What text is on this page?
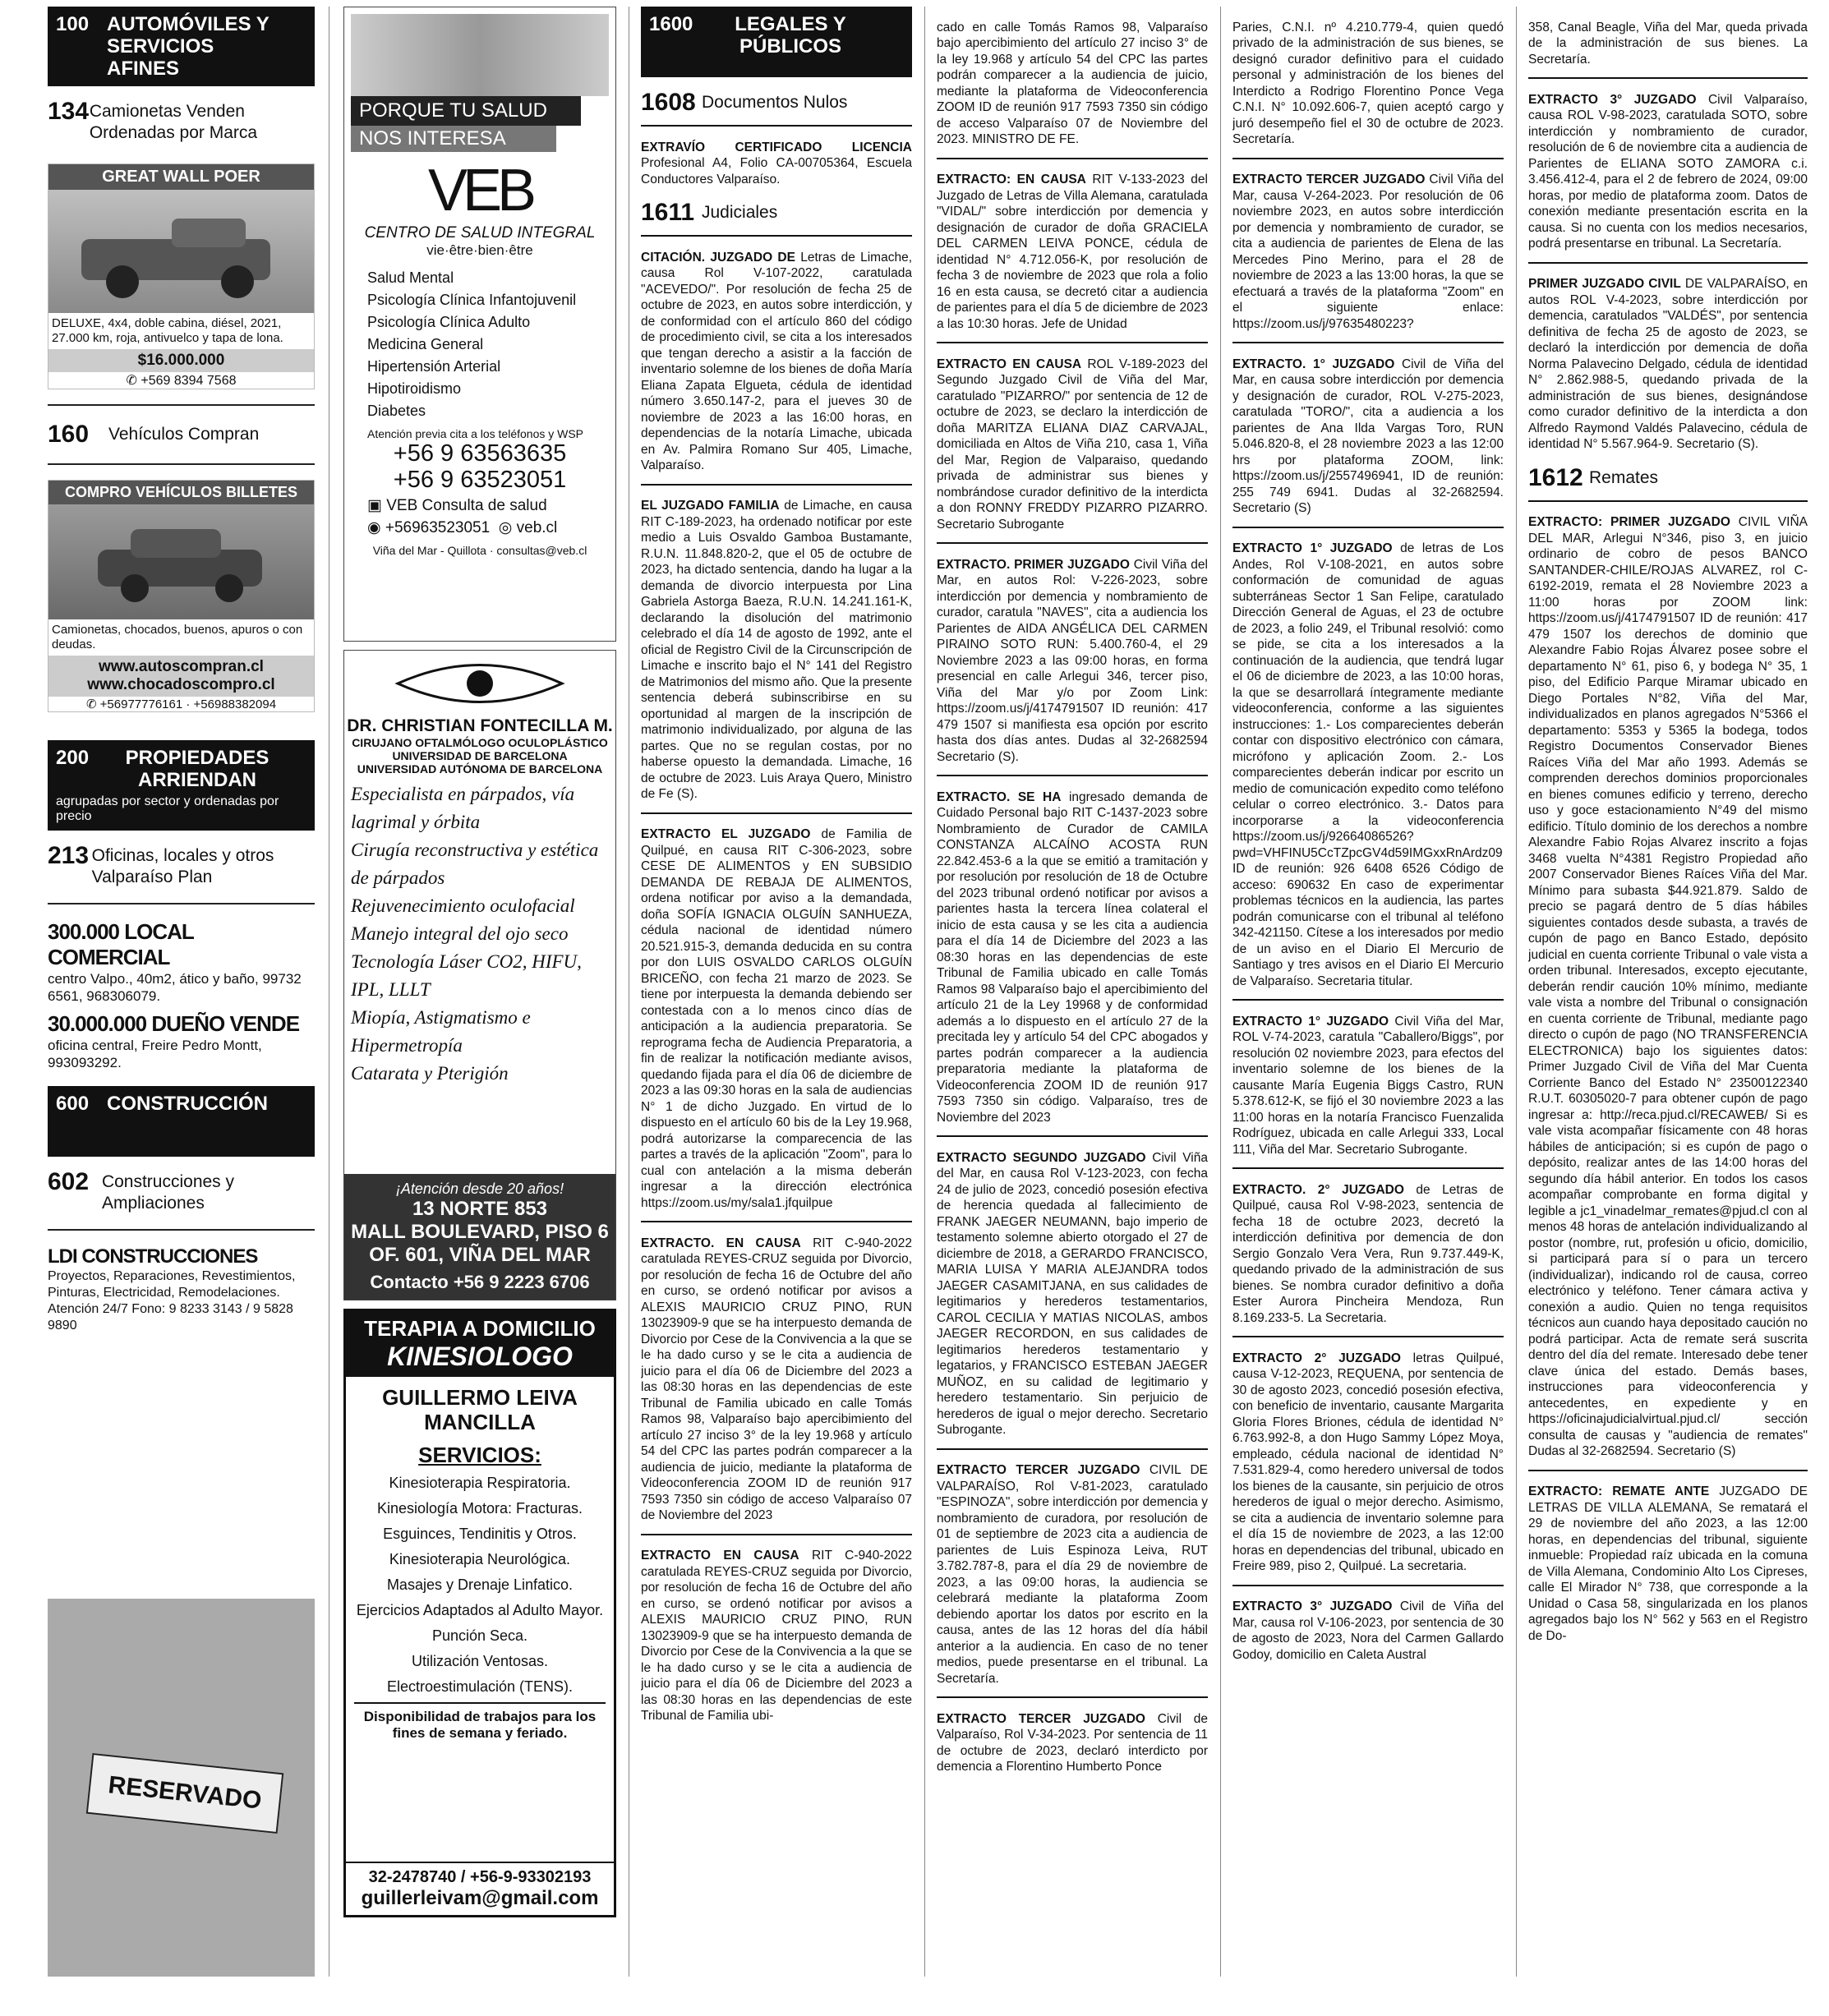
100 AUTOMÓVILES Y SERVICIOS AFINES
134 Camionetas Venden Ordenadas por Marca
GREAT WALL POER
DELUXE, 4x4, doble cabina, diésel, 2021, 27.000 km, roja, antivuelco y tapa de lona.
$16.000.000
✆ +569 8394 7568
160	Vehículos Compran
COMPRO VEHÍCULOS BILLETES
Camionetas, chocados, buenos, apuros o con deudas.
www.autoscompran.cl
www.chocadoscompro.cl
✆ +56977776161 · +56988382094
200 PROPIEDADES ARRIENDAN
agrupadas por sector y ordenadas por precio
213 Oficinas, locales y otros Valparaíso Plan
300.000 LOCAL COMERCIAL
centro Valpo., 40m2, ático y baño, 99732 6561, 968306079.
30.000.000 DUEÑO VENDE
oficina central, Freire Pedro Montt, 993093292.
600 CONSTRUCCIÓN
602 Construcciones y Ampliaciones
LDI CONSTRUCCIONES
Proyectos, Reparaciones, Revestimientos, Pinturas, Electricidad, Remodelaciones. Atención 24/7 Fono: 9 8233 3143 / 9 5828 9890
RESERVADO
PORQUE TU SALUD
NOS INTERESA
VEB
CENTRO DE SALUD INTEGRAL
vie·être·bien·être
Salud Mental
Psicología Clínica Infantojuvenil
Psicología Clínica Adulto
Medicina General
Hipertensión Arterial
Hipotiroidismo
Diabetes
Atención previa cita a los teléfonos y WSP
+56 9 63563635
+56 9 63523051
▣ VEB Consulta de salud
◉ +56963523051 ◎ veb.cl
Viña del Mar - Quillota · consultas@veb.cl
DR. CHRISTIAN FONTECILLA M.
CIRUJANO OFTALMÓLOGO OCULOPLÁSTICO
UNIVERSIDAD DE BARCELONA
UNIVERSIDAD AUTÓNOMA DE BARCELONA
Especialista en párpados, vía lagrimal y órbita
Cirugía reconstructiva y estética de párpados
Rejuvenecimiento oculofacial
Manejo integral del ojo seco
Tecnología Láser CO2, HIFU, IPL, LLLT
Miopía, Astigmatismo e Hipermetropía
Catarata y Pterigión
¡Atención desde 20 años!
13 NORTE 853
MALL BOULEVARD, PISO 6
OF. 601, VIÑA DEL MAR
Contacto +56 9 2223 6706
TERAPIA A DOMICILIO
KINESIOLOGO
GUILLERMO LEIVA MANCILLA
SERVICIOS:
Kinesioterapia Respiratoria.
Kinesiología Motora: Fracturas.
Esguinces, Tendinitis y Otros.
Kinesioterapia Neurológica.
Masajes y Drenaje Linfatico.
Ejercicios Adaptados al Adulto Mayor.
Punción Seca.
Utilización Ventosas.
Electroestimulación (TENS).
Disponibilidad de trabajos para los fines de semana y feriado.
32-2478740 / +56-9-93302193
guillerleivam@gmail.com
1600 LEGALES Y PÚBLICOS
1608 Documentos Nulos

EXTRAVÍO CERTIFICADO LICENCIA Profesional A4, Folio CA-00705364, Escuela Conductores Valparaíso.

1611 Judiciales

CITACIÓN. JUZGADO DE Letras de Limache, causa Rol V-107-2022, caratulada "ACEVEDO/". Por resolución de fecha 25 de octubre de 2023, en autos sobre interdicción, y de conformidad con el artículo 860 del código de procedimiento civil, se cita a los interesados que tengan derecho a asistir a la facción de inventario solemne de los bienes de doña María Eliana Zapata Elgueta, cédula de identidad número 3.650.147-2, para el jueves 30 de noviembre de 2023 a las 16:00 horas, en dependencias de la notaría Limache, ubicada en Av. Palmira Romano Sur 405, Limache, Valparaíso.

EL JUZGADO FAMILIA de Limache, en causa RIT C-189-2023, ha ordenado notificar por este medio a Luis Osvaldo Gamboa Bustamante, R.U.N. 11.848.820-2, que el 05 de octubre de 2023, ha dictado sentencia, dando ha lugar a la demanda de divorcio interpuesta por Lina Gabriela Astorga Baeza, R.U.N. 14.241.161-K, declarando la disolución del matrimonio celebrado el día 14 de agosto de 1992, ante el oficial de Registro Civil de la Circunscripción de Limache e inscrito bajo el N° 141 del Registro de Matrimonios del mismo año. Que la presente sentencia deberá subinscribirse en su oportunidad al margen de la inscripción de matrimonio individualizado, por alguna de las partes. Que no se regulan costas, por no haberse opuesto la demandada. Limache, 16 de octubre de 2023. Luis Araya Quero, Ministro de Fe (S).

EXTRACTO EL JUZGADO de Familia de Quilpué, en causa RIT C-306-2023, sobre CESE DE ALIMENTOS y EN SUBSIDIO DEMANDA DE REBAJA DE ALIMENTOS, ordena notificar por aviso a la demandada, doña SOFÍA IGNACIA OLGUÍN SANHUEZA, cédula nacional de identidad número 20.521.915-3, demanda deducida en su contra por don LUIS OSVALDO CARLOS OLGUÍN BRICEÑO, con fecha 21 marzo de 2023. Se tiene por interpuesta la demanda debiendo ser contestada con a lo menos cinco días de anticipación a la audiencia preparatoria. Se reprograma fecha de Audiencia Preparatoria, a fin de realizar la notificación mediante avisos, quedando fijada para el día 06 de diciembre de 2023 a las 09:30 horas en la sala de audiencias N° 1 de dicho Juzgado. En virtud de lo dispuesto en el artículo 60 bis de la Ley 19.968, podrá autorizarse la comparecencia de las partes a través de la aplicación "Zoom", para lo cual con antelación a la misma deberán ingresar a la dirección electrónica https://zoom.us/my/sala1.jfquilpue

EXTRACTO. EN CAUSA RIT C-940-2022 caratulada REYES-CRUZ seguida por Divorcio, por resolución de fecha 16 de Octubre del año en curso, se ordenó notificar por avisos a ALEXIS MAURICIO CRUZ PINO, RUN 13023909-9 que se ha interpuesto demanda de Divorcio por Cese de la Convivencia a la que se le ha dado curso y se le cita a audiencia de juicio para el día 06 de Diciembre del 2023 a las 08:30 horas en las dependencias de este Tribunal de Familia ubicado en calle Tomás Ramos 98, Valparaíso bajo apercibimiento del artículo 27 inciso 3° de la ley 19.968 y artículo 54 del CPC las partes podrán comparecer a la audiencia de juicio, mediante la plataforma de Videoconferencia ZOOM ID de reunión 917 7593 7350 sin código de acceso Valparaíso 07 de Noviembre del 2023

EXTRACTO EN CAUSA RIT C-940-2022 caratulada REYES-CRUZ seguida por Divorcio, por resolución de fecha 16 de Octubre del año en curso, se ordenó notificar por avisos a ALEXIS MAURICIO CRUZ PINO, RUN 13023909-9 que se ha interpuesto demanda de Divorcio por Cese de la Convivencia a la que se le ha dado curso y se le cita a audiencia de juicio para el día 06 de Diciembre del 2023 a las 08:30 horas en las dependencias de este Tribunal de Familia ubi-

cado en calle Tomás Ramos 98, Valparaíso bajo apercibimiento del artículo 27 inciso 3° de la ley 19.968 y artículo 54 del CPC las partes podrán comparecer a la audiencia de juicio, mediante la plataforma de Videoconferencia ZOOM ID de reunión 917 7593 7350 sin código de acceso Valparaíso 07 de Noviembre del 2023. MINISTRO DE FE.

EXTRACTO: EN CAUSA RIT V-133-2023 del Juzgado de Letras de Villa Alemana, caratulada "VIDAL/" sobre interdicción por demencia y designación de curador de doña GRACIELA DEL CARMEN LEIVA PONCE, cédula de identidad N° 4.712.056-K, por resolución de fecha 3 de noviembre de 2023 que rola a folio 16 en esta causa, se decretó citar a audiencia de parientes para el día 5 de diciembre de 2023 a las 10:30 horas. Jefe de Unidad

EXTRACTO EN CAUSA ROL V-189-2023 del Segundo Juzgado Civil de Viña del Mar, caratulado "PIZARRO/" por sentencia de 12 de octubre de 2023, se declaro la interdicción de doña MARITZA ELIANA DIAZ CARVAJAL, domiciliada en Altos de Viña 210, casa 1, Viña del Mar, Region de Valparaiso, quedando privada de administrar sus bienes y nombrándose curador definitivo de la interdicta a don RONNY FREDDY PIZARRO PIZARRO. Secretario Subrogante

EXTRACTO. PRIMER JUZGADO Civil Viña del Mar, en autos Rol: V-226-2023, sobre interdicción por demencia y nombramiento de curador, caratula "NAVES", cita a audiencia los Parientes de AIDA ANGÉLICA DEL CARMEN PIRAINO SOTO RUN: 5.400.760-4, el 29 Noviembre 2023 a las 09:00 horas, en forma presencial en calle Arlegui 346, tercer piso, Viña del Mar y/o por Zoom Link: https://zoom.us/j/4174791507 ID reunión: 417 479 1507 si manifiesta esa opción por escrito hasta dos días antes. Dudas al 32-2682594 Secretario (S).

EXTRACTO. SE HA ingresado demanda de Cuidado Personal bajo RIT C-1437-2023 sobre Nombramiento de Curador de CAMILA CONSTANZA ALCAÍNO ACOSTA RUN 22.842.453-6 a la que se emitió a tramitación y por resolución por resolución de 18 de Octubre del 2023 tribunal ordenó notificar por avisos a parientes hasta la tercera línea colateral el inicio de esta causa y se les cita a audiencia para el día 14 de Diciembre del 2023 a las 08:30 horas en las dependencias de este Tribunal de Familia ubicado en calle Tomás Ramos 98 Valparaíso bajo el apercibimiento del artículo 21 de la Ley 19968 y de conformidad además a lo dispuesto en el artículo 27 de la precitada ley y artículo 54 del CPC abogados y partes podrán comparecer a la audiencia preparatoria mediante la plataforma de Videoconferencia ZOOM ID de reunión 917 7593 7350 sin código. Valparaíso, tres de Noviembre del 2023

EXTRACTO SEGUNDO JUZGADO Civil Viña del Mar, en causa Rol V-123-2023, con fecha 24 de julio de 2023, concedió posesión efectiva de herencia quedada al fallecimiento de FRANK JAEGER NEUMANN, bajo imperio de testamento solemne abierto otorgado el 27 de diciembre de 2018, a GERARDO FRANCISCO, MARIA LUISA Y MARIA ALEJANDRA todos JAEGER CASAMITJANA, en sus calidades de legitimarios y herederos testamentarios, CAROL CECILIA Y MATIAS NICOLAS, ambos JAEGER RECORDON, en sus calidades de legitimarios herederos testamentario y legatarios, y FRANCISCO ESTEBAN JAEGER MUÑOZ, en su calidad de legitimario y heredero testamentario. Sin perjuicio de herederos de igual o mejor derecho. Secretario Subrogante.

EXTRACTO TERCER JUZGADO CIVIL DE VALPARAÍSO, Rol V-81-2023, caratulado "ESPINOZA", sobre interdicción por demencia y nombramiento de curadora, por resolución de 01 de septiembre de 2023 cita a audiencia de parientes de Luis Espinoza Leiva, RUT 3.782.787-8, para el día 29 de noviembre de 2023, a las 09:00 horas, la audiencia se celebrará mediante la plataforma Zoom debiendo aportar los datos por escrito en la causa, antes de las 12 horas del día hábil anterior a la audiencia. En caso de no tener medios, puede presentarse en el tribunal. La Secretaría.

EXTRACTO TERCER JUZGADO Civil de Valparaíso, Rol V-34-2023. Por sentencia de 11 de octubre de 2023, declaró interdicto por demencia a Florentino Humberto Ponce

Paries, C.N.I. nº 4.210.779-4, quien quedó privado de la administración de sus bienes, se designó curador definitivo para el cuidado personal y administración de los bienes del Interdicto a Rodrigo Florentino Ponce Vega C.N.I. N° 10.092.606-7, quien aceptó cargo y juró desempeño fiel el 30 de octubre de 2023. Secretaría.

EXTRACTO TERCER JUZGADO Civil Viña del Mar, causa V-264-2023. Por resolución de 06 noviembre 2023, en autos sobre interdicción por demencia y nombramiento de curador, se cita a audiencia de parientes de Elena de las Mercedes Pino Merino, para el 28 de noviembre de 2023 a las 13:00 horas, la que se efectuará a través de la plataforma "Zoom" en el siguiente enlace: https://zoom.us/j/97635480223?

EXTRACTO. 1° JUZGADO Civil de Viña del Mar, en causa sobre interdicción por demencia y designación de curador, ROL V-275-2023, caratulada "TORO/", cita a audiencia a los parientes de Ana Ilda Vargas Toro, RUN 5.046.820-8, el 28 noviembre 2023 a las 12:00 hrs por plataforma ZOOM, link: https://zoom.us/j/2557496941, ID de reunión: 255 749 6941. Dudas al 32-2682594. Secretario (S)

EXTRACTO 1° JUZGADO de letras de Los Andes, Rol V-108-2021, en autos sobre conformación de comunidad de aguas subterráneas Sector 1 San Felipe, caratulado Dirección General de Aguas, el 23 de octubre de 2023, a folio 249, el Tribunal resolvió: como se pide, se cita a los interesados a la continuación de la audiencia, que tendrá lugar el 06 de diciembre de 2023, a las 10:00 horas, la que se desarrollará íntegramente mediante videoconferencia, conforme a las siguientes instrucciones: 1.- Los comparecientes deberán contar con dispositivo electrónico con cámara, micrófono y aplicación Zoom. 2.- Los comparecientes deberán indicar por escrito un medio de comunicación expedito como teléfono celular o correo electrónico. 3.- Datos para incorporarse a la videoconferencia https://zoom.us/j/92664086526?pwd=VHFINU5CcTZpcGV4d59IMGxxRnArdz09 ID de reunión: 926 6408 6526 Código de acceso: 690632 En caso de experimentar problemas técnicos en la audiencia, las partes podrán comunicarse con el tribunal al teléfono 342-421150. Cítese a los interesados por medio de un aviso en el Diario El Mercurio de Santiago y tres avisos en el Diario El Mercurio de Valparaíso. Secretaria titular.

EXTRACTO 1° JUZGADO Civil Viña del Mar, ROL V-74-2023, caratula "Caballero/Biggs", por resolución 02 noviembre 2023, para efectos del inventario solemne de los bienes de la causante María Eugenia Biggs Castro, RUN 5.378.612-K, se fijó el 30 noviembre 2023 a las 11:00 horas en la notaría Francisco Fuenzalida Rodríguez, ubicada en calle Arlegui 333, Local 111, Viña del Mar. Secretario Subrogante.

EXTRACTO. 2° JUZGADO de Letras de Quilpué, causa Rol V-98-2023, sentencia de fecha 18 de octubre 2023, decretó la interdicción definitiva por demencia de don Sergio Gonzalo Vera Vera, Run 9.737.449-K, quedando privado de la administración de sus bienes. Se nombra curador definitivo a doña Ester Aurora Pincheira Mendoza, Run 8.169.233-5. La Secretaria.

EXTRACTO 2° JUZGADO letras Quilpué, causa V-12-2023, REQUENA, por sentencia de 30 de agosto 2023, concedió posesión efectiva, con beneficio de inventario, causante Margarita Gloria Flores Briones, cédula de identidad N° 6.763.992-8, a don Hugo Sammy López Moya, empleado, cédula nacional de identidad N° 7.531.829-4, como heredero universal de todos los bienes de la causante, sin perjuicio de otros herederos de igual o mejor derecho. Asimismo, se cita a audiencia de inventario solemne para el día 15 de noviembre de 2023, a las 12:00 horas en dependencias del tribunal, ubicado en Freire 989, piso 2, Quilpué. La secretaria.

EXTRACTO 3° JUZGADO Civil de Viña del Mar, causa rol V-106-2023, por sentencia de 30 de agosto de 2023, Nora del Carmen Gallardo Godoy, domicilio en Caleta Austral

358, Canal Beagle, Viña del Mar, queda privada de la administración de sus bienes. La Secretaría.

EXTRACTO 3° JUZGADO Civil Valparaíso, causa ROL V-98-2023, caratulada SOTO, sobre interdicción y nombramiento de curador, resolución de 6 de noviembre cita a audiencia de Parientes de ELIANA SOTO ZAMORA c.i. 3.456.412-4, para el 2 de febrero de 2024, 09:00 horas, por medio de plataforma zoom. Datos de conexión mediante presentación escrita en la causa. Si no cuenta con los medios necesarios, podrá presentarse en tribunal. La Secretaría.

PRIMER JUZGADO CIVIL DE VALPARAÍSO, en autos ROL V-4-2023, sobre interdicción por demencia, caratulados "VALDÉS", por sentencia definitiva de fecha 25 de agosto de 2023, se declaró la interdicción por demencia de doña Norma Palavecino Delgado, cédula de identidad N° 2.862.988-5, quedando privada de la administración de sus bienes, designándose como curador definitivo de la interdicta a don Alfredo Raymond Valdés Palavecino, cédula de identidad N° 5.567.964-9. Secretario (S).

1612 Remates

EXTRACTO: PRIMER JUZGADO CIVIL VIÑA DEL MAR, Arlegui N°346, piso 3, en juicio ordinario de cobro de pesos BANCO SANTANDER-CHILE/ROJAS ALVAREZ, rol C-6192-2019, remata el 28 Noviembre 2023 a 11:00 horas por ZOOM link: https://zoom.us/j/4174791507 ID de reunión: 417 479 1507 los derechos de dominio que Alexandre Fabio Rojas Álvarez posee sobre el departamento N° 61, piso 6, y bodega N° 35, 1 piso, del Edificio Parque Miramar ubicado en Diego Portales N°82, Viña del Mar, individualizados en planos agregados N°5366 el departamento: 5353 y 5365 la bodega, todos Registro Documentos Conservador Bienes Raíces Viña del Mar año 1993. Además se comprenden derechos dominios proporcionales en bienes comunes edificio y terreno, derecho uso y goce estacionamiento N°49 del mismo edificio. Título dominio de los derechos a nombre Alexandre Fabio Rojas Alvarez inscrito a fojas 3468 vuelta N°4381 Registro Propiedad año 2007 Conservador Bienes Raíces Viña del Mar. Mínimo para subasta $44.921.879. Saldo de precio se pagará dentro de 5 días hábiles siguientes contados desde subasta, a través de cupón de pago en Banco Estado, depósito judicial en cuenta corriente Tribunal o vale vista a orden tribunal. Interesados, excepto ejecutante, deberán rendir caución 10% mínimo, mediante vale vista a nombre del Tribunal o consignación en cuenta corriente de Tribunal, mediante pago directo o cupón de pago (NO TRANSFERENCIA ELECTRONICA) bajo los siguientes datos: Primer Juzgado Civil de Viña del Mar Cuenta Corriente Banco del Estado N° 23500122340 R.U.T. 60305020-7 para obtener cupón de pago ingresar a: http://reca.pjud.cl/RECAWEB/ Si es vale vista acompañar físicamente con 48 horas hábiles de anticipación; si es cupón de pago o depósito, realizar antes de las 14:00 horas del segundo día hábil anterior. En todos los casos acompañar comprobante en forma digital y legible a jc1_vinadelmar_remates@pjud.cl con al menos 48 horas de antelación individualizando al postor (nombre, rut, profesión u oficio, domicilio, si participará para sí o para un tercero (individualizar), indicando rol de causa, correo electrónico y teléfono. Tener cámara activa y conexión a audio. Quien no tenga requisitos técnicos aun cuando haya depositado caución no podrá participar. Acta de remate será suscrita dentro del día del remate. Interesado debe tener clave única del estado. Demás bases, instrucciones para videoconferencia y antecedentes, en expediente y en https://oficinajudicialvirtual.pjud.cl/ sección consulta de causas y "audiencia de remates" Dudas al 32-2682594. Secretario (S)

EXTRACTO: REMATE ANTE JUZGADO DE LETRAS DE VILLA ALEMANA, Se rematará el 29 de noviembre del año 2023, a las 12:00 horas, en dependencias del tribunal, siguiente inmueble: Propiedad raíz ubicada en la comuna de Villa Alemana, Condominio Alto Los Cipreses, calle El Mirador N° 738, que corresponde a la Unidad o Casa 58, singularizada en los planos agregados bajo los N° 562 y 563 en el Registro de Do-
